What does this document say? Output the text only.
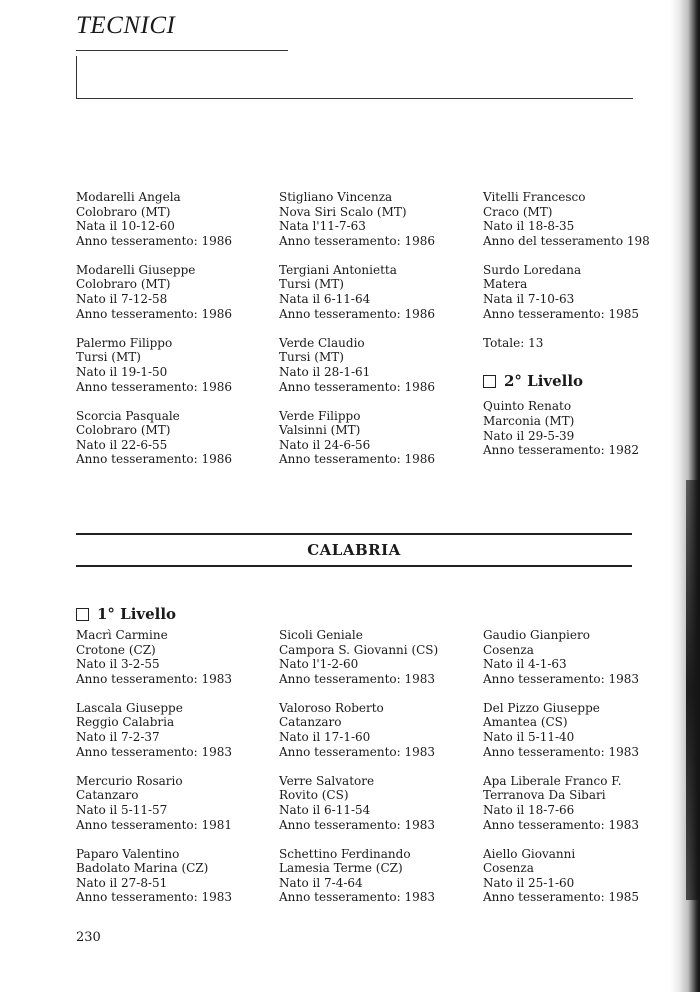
TECNICI
Modarelli Angela
Colobraro (MT)
Nata il 10-12-60
Anno tesseramento: 1986
Modarelli Giuseppe
Colobraro (MT)
Nato il 7-12-58
Anno tesseramento: 1986
Palermo Filippo
Tursi (MT)
Nato il 19-1-50
Anno tesseramento: 1986
Scorcia Pasquale
Colobraro (MT)
Nato il 22-6-55
Anno tesseramento: 1986
Stigliano Vincenza
Nova Siri Scalo (MT)
Nata l'11-7-63
Anno tesseramento: 1986
Tergiani Antonietta
Tursi (MT)
Nata il 6-11-64
Anno tesseramento: 1986
Verde Claudio
Tursi (MT)
Nato il 28-1-61
Anno tesseramento: 1986
Verde Filippo
Valsinni (MT)
Nato il 24-6-56
Anno tesseramento: 1986
Vitelli Francesco
Craco (MT)
Nato il 18-8-35
Anno del tesseramento 198
Surdo Loredana
Matera
Nata il 7-10-63
Anno tesseramento: 1985
Totale: 13
2° Livello
Quinto Renato
Marconia (MT)
Nato il 29-5-39
Anno tesseramento: 1982
CALABRIA
1° Livello
Macrì Carmine
Crotone (CZ)
Nato il 3-2-55
Anno tesseramento: 1983
Lascala Giuseppe
Reggio Calabria
Nato il 7-2-37
Anno tesseramento: 1983
Mercurio Rosario
Catanzaro
Nato il 5-11-57
Anno tesseramento: 1981
Paparo Valentino
Badolato Marina (CZ)
Nato il 27-8-51
Anno tesseramento: 1983
Sicoli Geniale
Campora S. Giovanni (CS)
Nato l'1-2-60
Anno tesseramento: 1983
Valoroso Roberto
Catanzaro
Nato il 17-1-60
Anno tesseramento: 1983
Verre Salvatore
Rovito (CS)
Nato il 6-11-54
Anno tesseramento: 1983
Schettino Ferdinando
Lamesia Terme (CZ)
Nato il 7-4-64
Anno tesseramento: 1983
Gaudio Gianpiero
Cosenza
Nato il 4-1-63
Anno tesseramento: 1983
Del Pizzo Giuseppe
Amantea (CS)
Nato il 5-11-40
Anno tesseramento: 1983
Apa Liberale Franco F.
Terranova Da Sibari
Nato il 18-7-66
Anno tesseramento: 1983
Aiello Giovanni
Cosenza
Nato il 25-1-60
Anno tesseramento: 1985
230
